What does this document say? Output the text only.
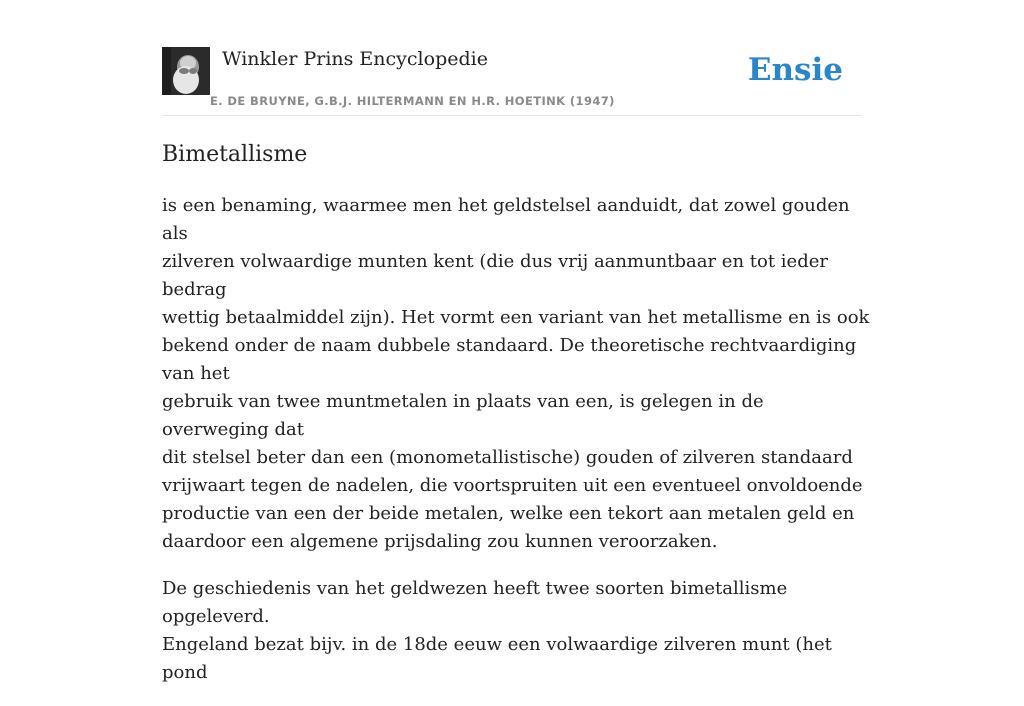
Winkler Prins Encyclopedie
E. DE BRUYNE, G.B.J. HILTERMANN EN H.R. HOETINK (1947)
Ensie
Bimetallisme

is een benaming, waarmee men het geldstelsel aanduidt, dat zowel gouden als
zilveren volwaardige munten kent (die dus vrij aanmuntbaar en tot ieder bedrag
wettig betaalmiddel zijn). Het vormt een variant van het metallisme en is ook
bekend onder de naam dubbele standaard. De theoretische rechtvaardiging van het
gebruik van twee muntmetalen in plaats van een, is gelegen in de overweging dat
dit stelsel beter dan een (monometallistische) gouden of zilveren standaard
vrijwaart tegen de nadelen, die voortspruiten uit een eventueel onvoldoende
productie van een der beide metalen, welke een tekort aan metalen geld en
daardoor een algemene prijsdaling zou kunnen veroorzaken.

De geschiedenis van het geldwezen heeft twee soorten bimetallisme opgeleverd.
Engeland bezat bijv. in de 18de eeuw een volwaardige zilveren munt (het pond
